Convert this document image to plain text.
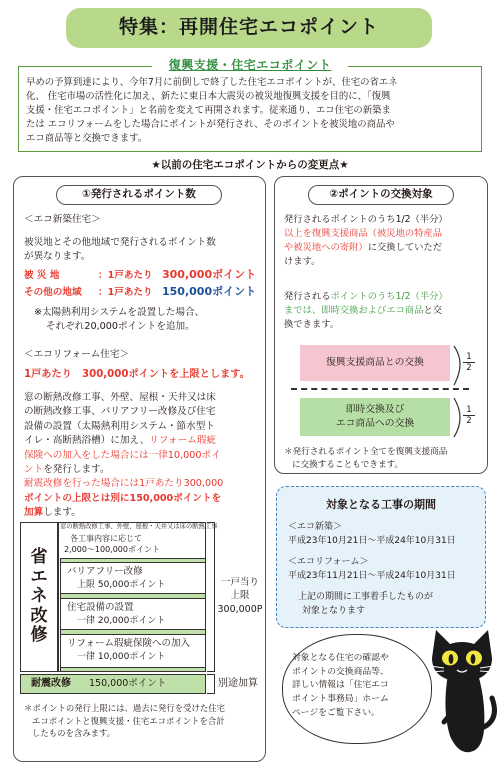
特集：再開住宅エコポイント
復興支援・住宅エコポイント
早めの予算到達により、今年7月に前倒しで終了した住宅エコポイントが、住宅の省エネ
化、 住宅市場の活性化に加え、新たに東日本大震災の被災地復興支援を目的に、「復興
支援・住宅エコポイント」と名前を変えて再開されます。従来通り、エコ住宅の新築ま
たは エコリフォームをした場合にポイントが発行され、そのポイントを被災地の商品や
エコ商品等と交換できます。
★以前の住宅エコポイントからの変更点★
①発行されるポイント数
＜エコ新築住宅＞
被災地とその他地域で発行されるポイント数
が異なります。
被 災 地	：1戸あたり 300,000ポイント
その他の地域 ：1戸あたり 150,000ポイント
※太陽熱利用システムを設置した場合、
それぞれ20,000ポイントを追加。
＜エコリフォーム住宅＞
1戸あたり　300,000ポイントを上限とします。
窓の断熱改修工事、外壁、屋根・天井又は床
の断熱改修工事、バリアフリー改修及び住宅
設備の設置（太陽熱利用システム・節水型ト
イレ・高断熱浴槽）に加え、リフォーム瑕疵
保険への加入をした場合には一律10,000ポイ
ントを発行します。
耐震改修を行った場合には1戸あたり300,000
ポイントの上限とは別に150,000ポイントを
加算します。
省
エ
ネ
改
修
窓の断熱改修工事、外壁、屋根・天井又は床の断熱工事
各工事内容に応じて
2,000～100,000ポイント
バリアフリー改修
上限 50,000ポイント
住宅設備の設置
一律 20,000ポイント
リフォーム瑕疵保険への加入
一律 10,000ポイント
一戸当り
上限
300,000P
耐震改修	150,000ポイント	別途加算
＊ポイントの発行上限には、過去に発行を受けた住宅
エコポイントと復興支援・住宅エコポイントを合計
したものを含みます。
②ポイントの交換対象
発行されるポイントのうち1/2（半分）
以上を復興支援商品（被災地の特産品
や被災地への寄附）に交換していただ
けます。
発行されるポイントのうち1/2（半分）
までは、即時交換およびエコ商品と交
換できます。
復興支援商品との交換
即時交換及び
エコ商品への交換
1
2
1
2
＊発行されるポイント全てを復興支援商品
に交換することもできます。
対象となる工事の期間
＜エコ新築＞
平成23年10月21日～平成24年10月31日
＜エコリフォーム＞
平成23年11月21日～平成24年10月31日
上記の期間に工事着手したものが
対象となります
対象となる住宅の確認や
ポイントの交換商品等、
詳しい情報は「住宅エコ
ポイント事務局」ホーム
ページをご覧下さい。
